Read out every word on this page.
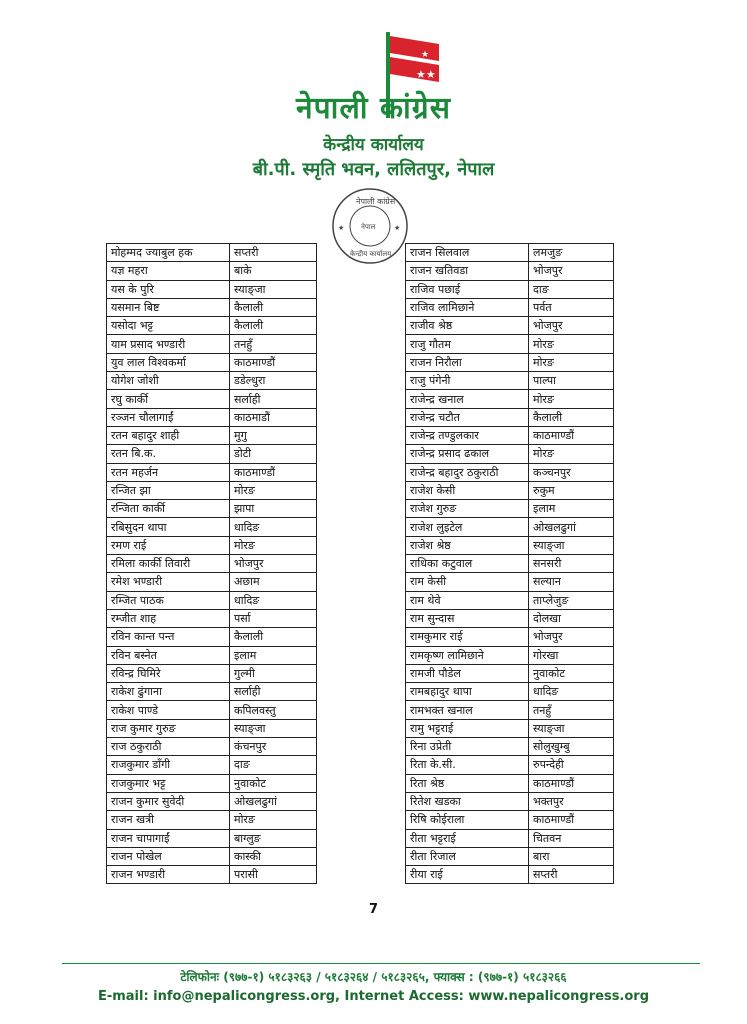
★★
★
नेपाली कांग्रेस
केन्द्रीय कार्यालय
बी.पी. स्मृति भवन, ललितपुर, नेपाल
नेपाली कांग्रेस
नेपाल
केन्द्रीय कार्यालय
★	★
मोहम्मद ज्याबुल हक	सप्तरी
यज्ञ महरा	बाके
यस के पुरि	स्याङ्जा
यसमान बिष्ट	कैलाली
यसोदा भट्ट	कैलाली
याम प्रसाद भण्डारी	तनहुँ
युव लाल विश्वकर्मा	काठमाण्डौं
योगेश जोशी	डडेल्धुरा
रघु कार्की	सर्लाही
रञ्जन चौलागाईं	काठमाडौं
रतन बहादुर शाही	मुगु
रतन बि.क.	डोटी
रतन महर्जन	काठमाण्डौं
रन्जित झा	मोरङ
रन्जिता कार्की	झापा
रबिसुदन थापा	धादिङ
रमण राई	मोरङ
रमिला कार्की तिवारी	भोजपुर
रमेश भण्डारी	अछाम
रम्जित पाठक	धादिङ
रम्जीत शाह	पर्सा
रविन कान्त पन्त	कैलाली
रविन बस्नेत	इलाम
रविन्द्र घिमिरे	गुल्मी
राकेश ढुंगाना	सर्लाही
राकेश पाण्डे	कपिलवस्तु
राज कुमार गुरुङ	स्याङ्जा
राज ठकुराठी	कंचनपुर
राजकुमार डाँगी	दाङ
राजकुमार भट्ट	नुवाकोट
राजन कुमार सुवेदी	ओखलढुगां
राजन खत्री	मोरङ
राजन चापागाईं	बाग्लुङ
राजन पोखेल	कास्की
राजन भण्डारी	परासी
राजन सिलवाल	लमजुङ
राजन खतिवडा	भोजपुर
राजिव पछाई	दाङ
राजिव लामिछाने	पर्वत
राजीव श्रेष्ठ	भोजपुर
राजु गौतम	मोरङ
राजन निरौला	मोरङ
राजु पंगेनी	पाल्पा
राजेन्द्र खनाल	मोरङ
राजेन्द्र चटौत	कैलाली
राजेन्द्र तण्डुलकार	काठमाण्डौं
राजेन्द्र प्रसाद ढकाल	मोरङ
राजेन्द्र बहादुर ठकुराठी	कञ्चनपुर
राजेश केसी	रुकुम
राजेश गुरुङ	इलाम
राजेश लुइटेल	ओखलढुगां
राजेश श्रेष्ठ	स्याङ्जा
राधिका कटुवाल	सनसरी
राम केसी	सल्यान
राम थेवे	ताप्लेजुङ
राम सुन्दास	दोलखा
रामकुमार राई	भोजपुर
रामकृष्ण लामिछाने	गोरखा
रामजी पौडेल	नुवाकोट
रामबहादुर थापा	धादिङ
रामभक्त खनाल	तनहुँ
रामु भट्टराई	स्याङ्जा
रिना उप्रेती	सोलुखुम्बु
रिता के.सी.	रुपन्देही
रिता श्रेष्ठ	काठमाण्डौं
रितेश खडका	भक्तपुर
रिषि कोईराला	काठमाण्डौं
रीता भट्टराई	चितवन
रीता रिजाल	बारा
रीया राई	सप्तरी
7
टेलिफोनः (९७७-१) ५१८३२६३ / ५१८३२६४ / ५१८३२६५, फ्याक्स : (९७७-१) ५१८३२६६
E-mail: info@nepalicongress.org, Internet Access: www.nepalicongress.org
